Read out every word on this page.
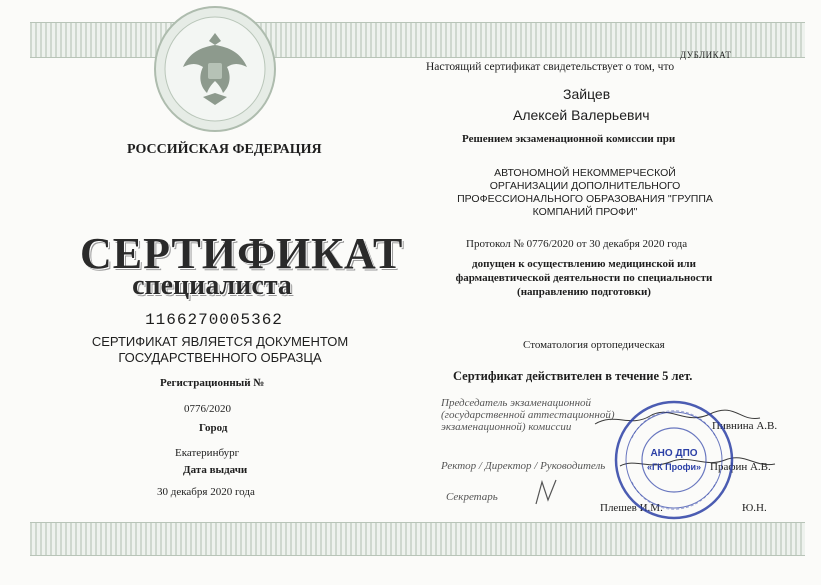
РОССИЙСКАЯ ФЕДЕРАЦИЯ
СЕРТИФИКАТ
специалиста
1166270005362
СЕРТИФИКАТ ЯВЛЯЕТСЯ ДОКУМЕНТОМ
ГОСУДАРСТВЕННОГО ОБРАЗЦА
Регистрационный №
0776/2020
Город
Екатеринбург
Дата выдачи
30 декабря 2020 года
ДУБЛИКАТ
Настоящий сертификат свидетельствует о том, что
Зайцев
Алексей Валерьевич
Решением экзаменационной комиссии при
АВТОНОМНОЙ НЕКОММЕРЧЕСКОЙ
ОРГАНИЗАЦИИ ДОПОЛНИТЕЛЬНОГО
ПРОФЕССИОНАЛЬНОГО ОБРАЗОВАНИЯ "ГРУППА
КОМПАНИЙ ПРОФИ"
Протокол № 0776/2020 от 30 декабря 2020 года
допущен к осуществлению медицинской или
фармацевтической деятельности по специальности
(направлению подготовки)
Стоматология ортопедическая
Сертификат действителен в течение 5 лет.
Председатель экзаменационной
(государственной аттестационной)
экзаменационной) комиссии	Пивнина А.В.
Ректор / Директор / Руководитель	Прафин А.В.
Секретарь
Плешев И.М.	Ю.Н.
АНО ДПО
«ГК Профи»
